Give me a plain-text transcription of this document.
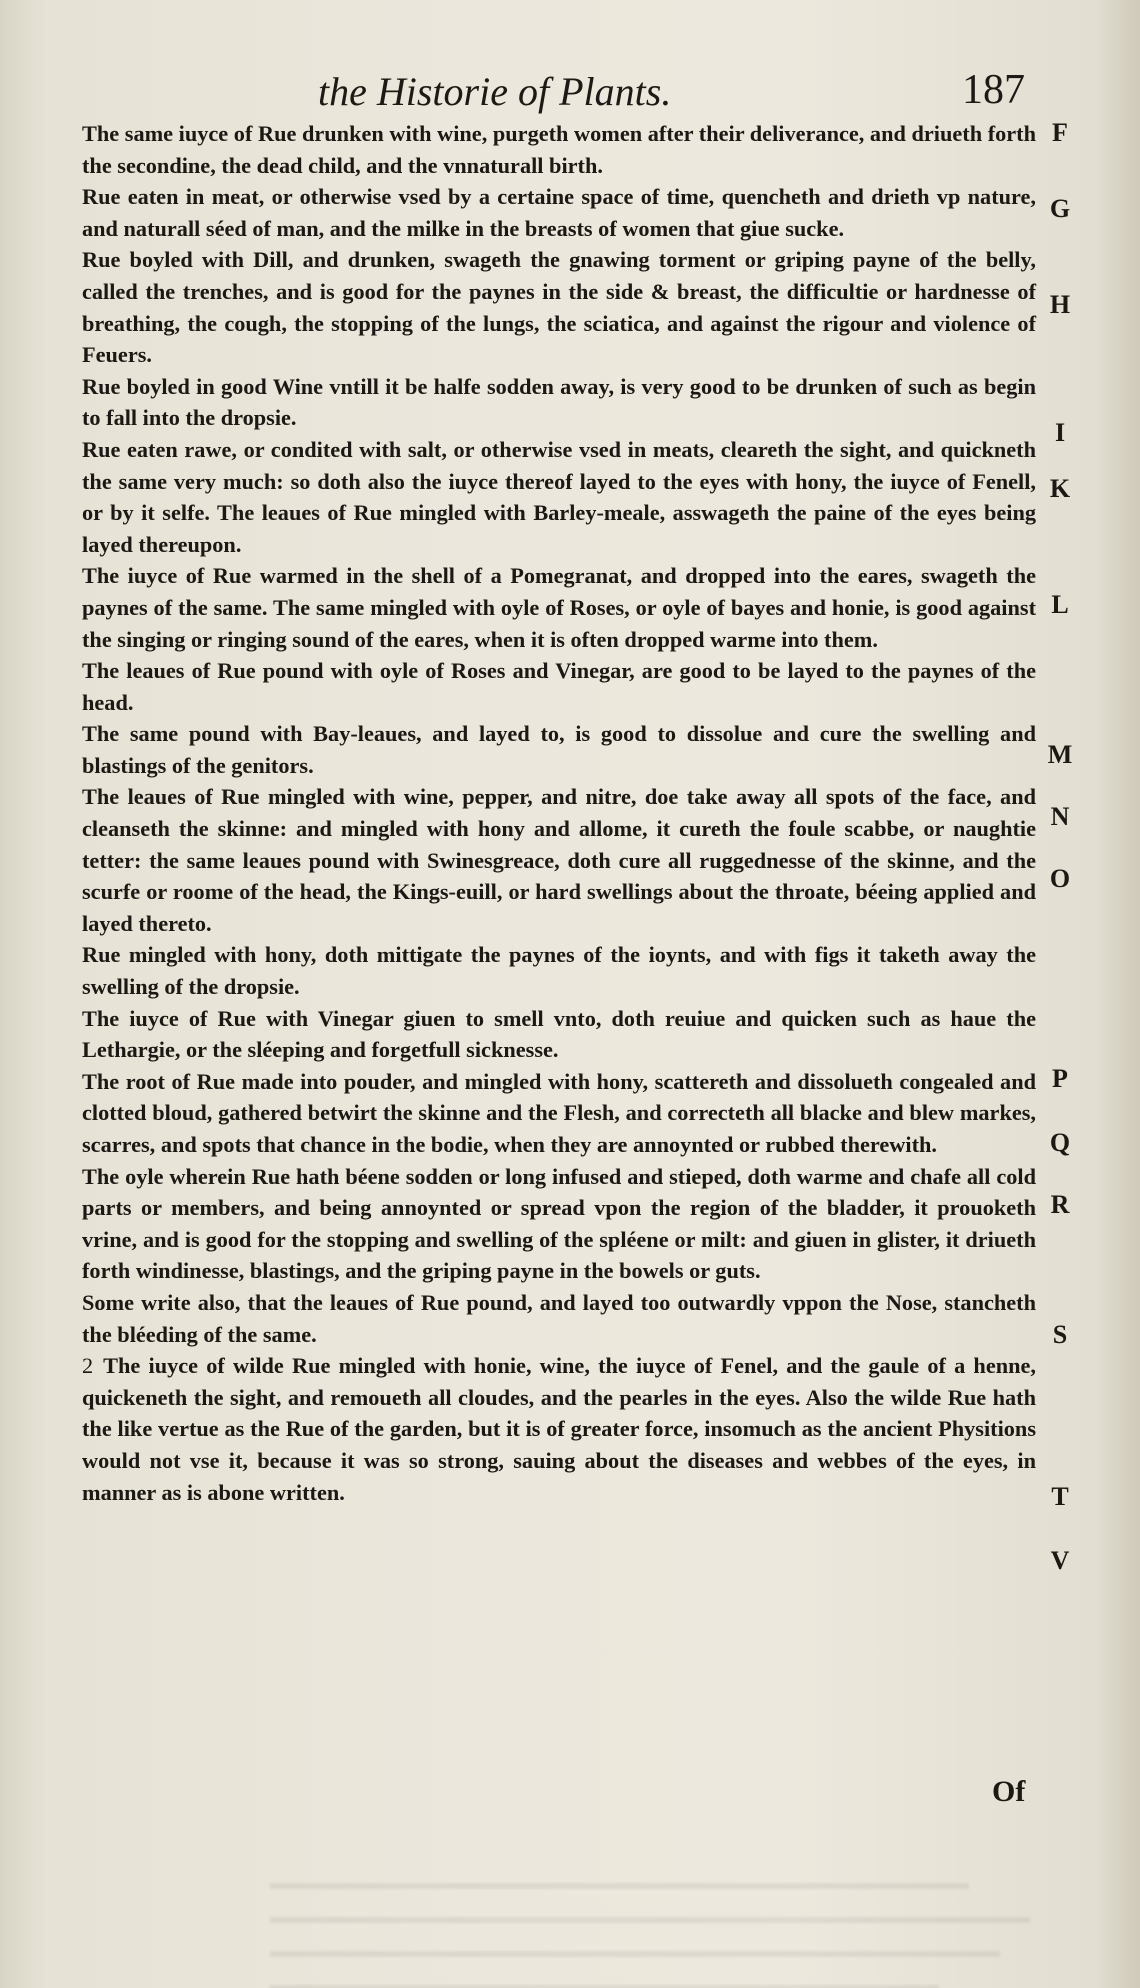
the Historie of Plants.	187

The same iuyce of Rue drunken with wine, purgeth women after their deliverance, and driueth forth the secondine, the dead child, and the vnnaturall birth.

Rue eaten in meat, or otherwise vsed by a certaine space of time, quencheth and drieth vp nature, and naturall séed of man, and the milke in the breasts of women that giue sucke.

Rue boyled with Dill, and drunken, swageth the gnawing torment or griping payne of the belly, called the trenches, and is good for the paynes in the side & breast, the difficultie or hardnesse of breathing, the cough, the stopping of the lungs, the sciatica, and against the rigour and violence of Feuers.

Rue boyled in good Wine vntill it be halfe sodden away, is very good to be drunken of such as begin to fall into the dropsie.

Rue eaten rawe, or condited with salt, or otherwise vsed in meats, cleareth the sight, and quickneth the same very much: so doth also the iuyce thereof layed to the eyes with hony, the iuyce of Fenell, or by it selfe. The leaues of Rue mingled with Barley-meale, asswageth the paine of the eyes being layed thereupon.

The iuyce of Rue warmed in the shell of a Pomegranat, and dropped into the eares, swageth the paynes of the same. The same mingled with oyle of Roses, or oyle of bayes and honie, is good against the singing or ringing sound of the eares, when it is often dropped warme into them.

The leaues of Rue pound with oyle of Roses and Vinegar, are good to be layed to the paynes of the head.

The same pound with Bay-leaues, and layed to, is good to dissolue and cure the swelling and blastings of the genitors.

The leaues of Rue mingled with wine, pepper, and nitre, doe take away all spots of the face, and cleanseth the skinne: and mingled with hony and allome, it cureth the foule scabbe, or naughtie tetter: the same leaues pound with Swinesgreace, doth cure all ruggednesse of the skinne, and the scurfe or roome of the head, the Kings-euill, or hard swellings about the throate, béeing applied and layed thereto.

Rue mingled with hony, doth mittigate the paynes of the ioynts, and with figs it taketh away the swelling of the dropsie.

The iuyce of Rue with Vinegar giuen to smell vnto, doth reuiue and quicken such as haue the Lethargie, or the sléeping and forgetfull sicknesse.

The root of Rue made into pouder, and mingled with hony, scattereth and dissolueth congealed and clotted bloud, gathered betwirt the skinne and the Flesh, and correcteth all blacke and blew markes, scarres, and spots that chance in the bodie, when they are annoynted or rubbed therewith.

The oyle wherein Rue hath béene sodden or long infused and stieped, doth warme and chafe all cold parts or members, and being annoynted or spread vpon the region of the bladder, it prouoketh vrine, and is good for the stopping and swelling of the spléene or milt: and giuen in glister, it driueth forth windinesse, blastings, and the griping payne in the bowels or guts.

Some write also, that the leaues of Rue pound, and layed too outwardly vppon the Nose, stancheth the bléeding of the same.

2 The iuyce of wilde Rue mingled with honie, wine, the iuyce of Fenel, and the gaule of a henne, quickeneth the sight, and remoueth all cloudes, and the pearles in the eyes. Also the wilde Rue hath the like vertue as the Rue of the garden, but it is of greater force, insomuch as the ancient Physitions would not vse it, because it was so strong, sauing about the diseases and webbes of the eyes, in manner as is abone written.

F
G
H
I
K
L
M
N
O
P
Q
R
S
T
V
Of
